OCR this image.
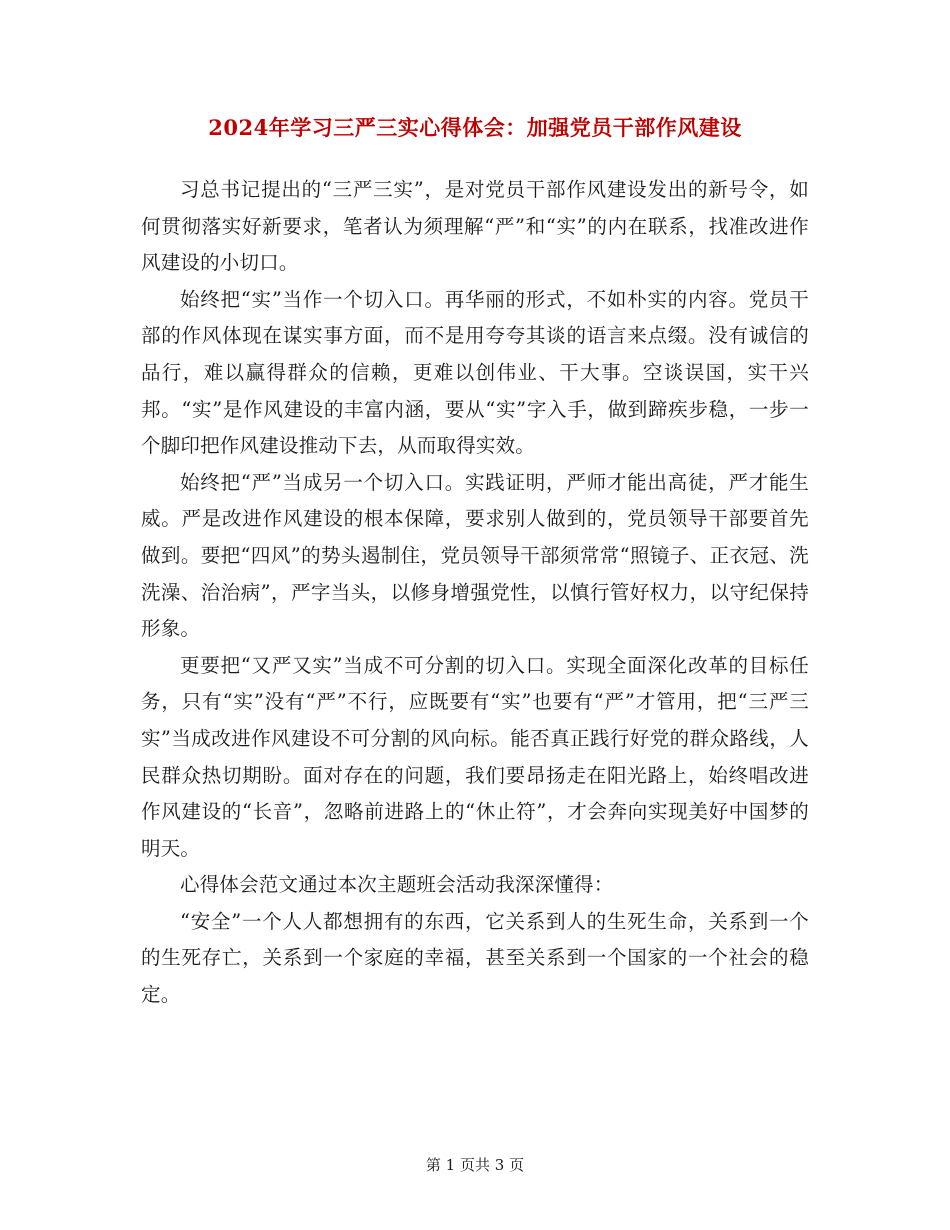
2024年学习三严三实心得体会：加强党员干部作风建设

习总书记提出的“三严三实”，是对党员干部作风建设发出的新号令，如何贯彻落实好新要求，笔者认为须理解“严”和“实”的内在联系，找准改进作风建设的小切口。

始终把“实”当作一个切入口。再华丽的形式，不如朴实的内容。党员干部的作风体现在谋实事方面，而不是用夸夸其谈的语言来点缀。没有诚信的品行，难以赢得群众的信赖，更难以创伟业、干大事。空谈误国，实干兴邦。“实”是作风建设的丰富内涵，要从“实”字入手，做到蹄疾步稳，一步一个脚印把作风建设推动下去，从而取得实效。

始终把“严”当成另一个切入口。实践证明，严师才能出高徒，严才能生威。严是改进作风建设的根本保障，要求别人做到的，党员领导干部要首先做到。要把“四风”的势头遏制住，党员领导干部须常常“照镜子、正衣冠、洗洗澡、治治病”，严字当头，以修身增强党性，以慎行管好权力，以守纪保持形象。

更要把“又严又实”当成不可分割的切入口。实现全面深化改革的目标任务，只有“实”没有“严”不行，应既要有“实”也要有“严”才管用，把“三严三实”当成改进作风建设不可分割的风向标。能否真正践行好党的群众路线，人民群众热切期盼。面对存在的问题，我们要昂扬走在阳光路上，始终唱改进作风建设的“长音”，忽略前进路上的“休止符”，才会奔向实现美好中国梦的明天。

心得体会范文通过本次主题班会活动我深深懂得：

“安全”一个人人都想拥有的东西，它关系到人的生死生命，关系到一个的生死存亡，关系到一个家庭的幸福，甚至关系到一个国家的一个社会的稳定。

第 1 页共 3 页
